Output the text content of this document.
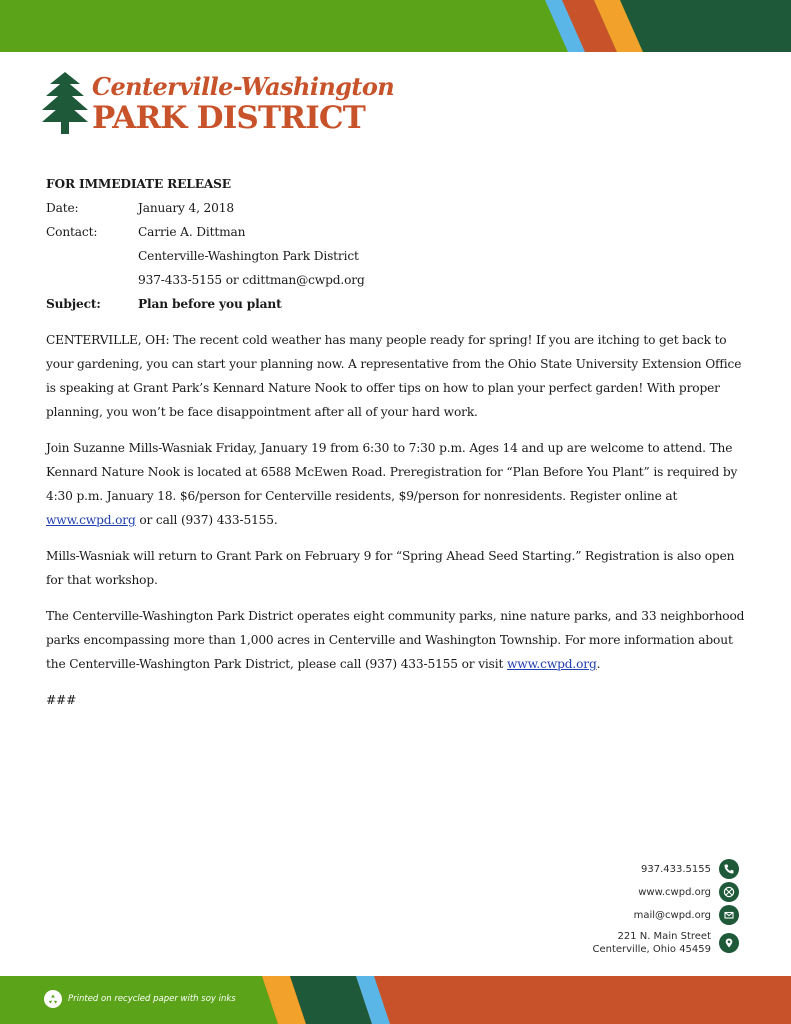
Centerville-Washington
PARK DISTRICT
FOR IMMEDIATE RELEASE
Date:	January 4, 2018
Contact:	Carrie A. Dittman
Centerville-Washington Park District
937-433-5155 or cdittman@cwpd.org
Subject:	Plan before you plant

CENTERVILLE, OH: The recent cold weather has many people ready for spring! If you are itching to get back to your gardening, you can start your planning now. A representative from the Ohio State University Extension Office is speaking at Grant Park’s Kennard Nature Nook to offer tips on how to plan your perfect garden! With proper planning, you won’t be face disappointment after all of your hard work.

Join Suzanne Mills-Wasniak Friday, January 19 from 6:30 to 7:30 p.m. Ages 14 and up are welcome to attend. The Kennard Nature Nook is located at 6588 McEwen Road. Preregistration for “Plan Before You Plant” is required by 4:30 p.m. January 18. $6/person for Centerville residents, $9/person for nonresidents. Register online at www.cwpd.org or call (937) 433-5155.

Mills-Wasniak will return to Grant Park on February 9 for “Spring Ahead Seed Starting.” Registration is also open for that workshop.

The Centerville-Washington Park District operates eight community parks, nine nature parks, and 33 neighborhood parks encompassing more than 1,000 acres in Centerville and Washington Township. For more information about the Centerville-Washington Park District, please call (937) 433-5155 or visit www.cwpd.org.

###
937.433.5155
www.cwpd.org
mail@cwpd.org
221 N. Main Street
Centerville, Ohio 45459
Printed on recycled paper with soy inks
